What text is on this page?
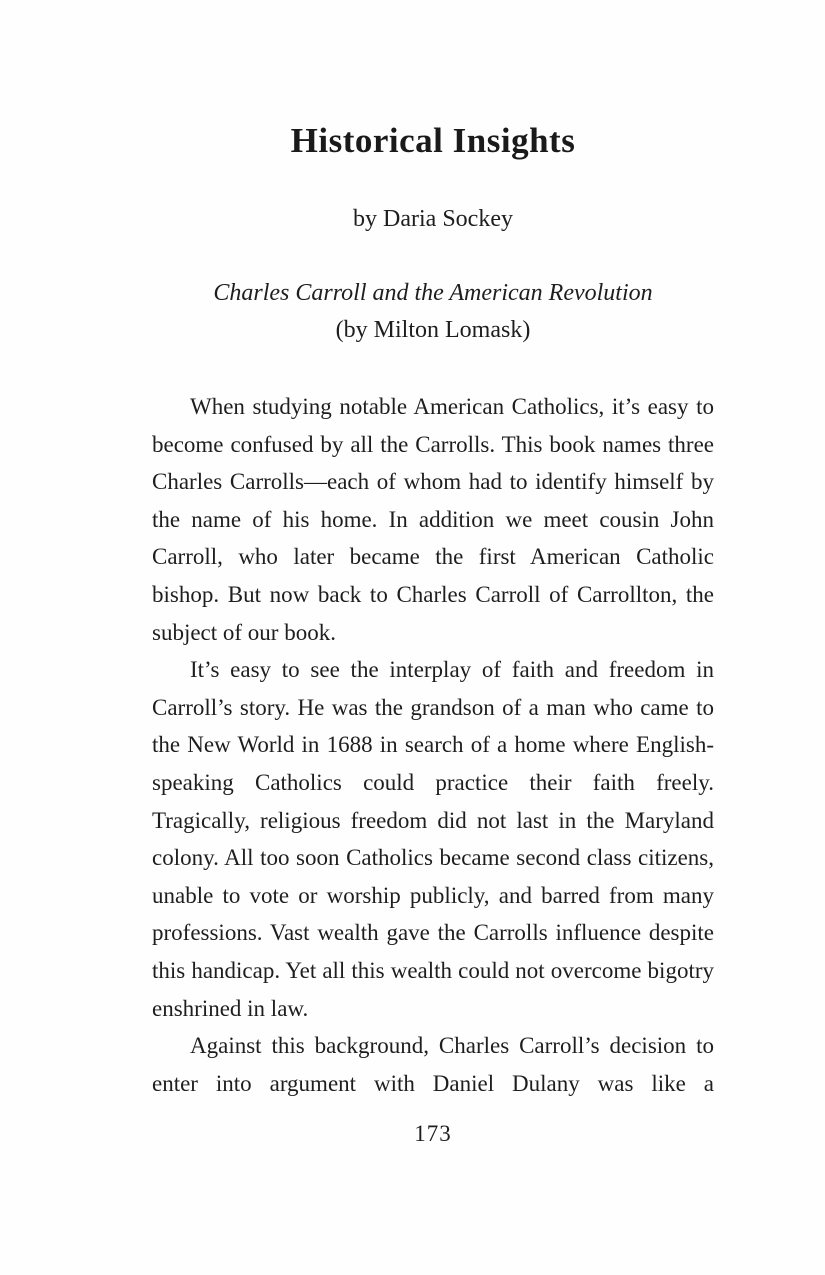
Historical Insights
by Daria Sockey
Charles Carroll and the American Revolution
(by Milton Lomask)

When studying notable American Catholics, it’s easy to become confused by all the Carrolls. This book names three Charles Carrolls—each of whom had to identify himself by the name of his home. In addition we meet cousin John Carroll, who later became the first American Catholic bishop. But now back to Charles Carroll of Carrollton, the subject of our book.

It’s easy to see the interplay of faith and freedom in Carroll’s story. He was the grandson of a man who came to the New World in 1688 in search of a home where English-speaking Catholics could practice their faith freely. Tragically, religious freedom did not last in the Maryland colony. All too soon Catholics became second class citizens, unable to vote or worship publicly, and barred from many professions. Vast wealth gave the Carrolls influence despite this handicap. Yet all this wealth could not overcome bigotry enshrined in law.

Against this background, Charles Carroll’s decision to enter into argument with Daniel Dulany was like a

173
